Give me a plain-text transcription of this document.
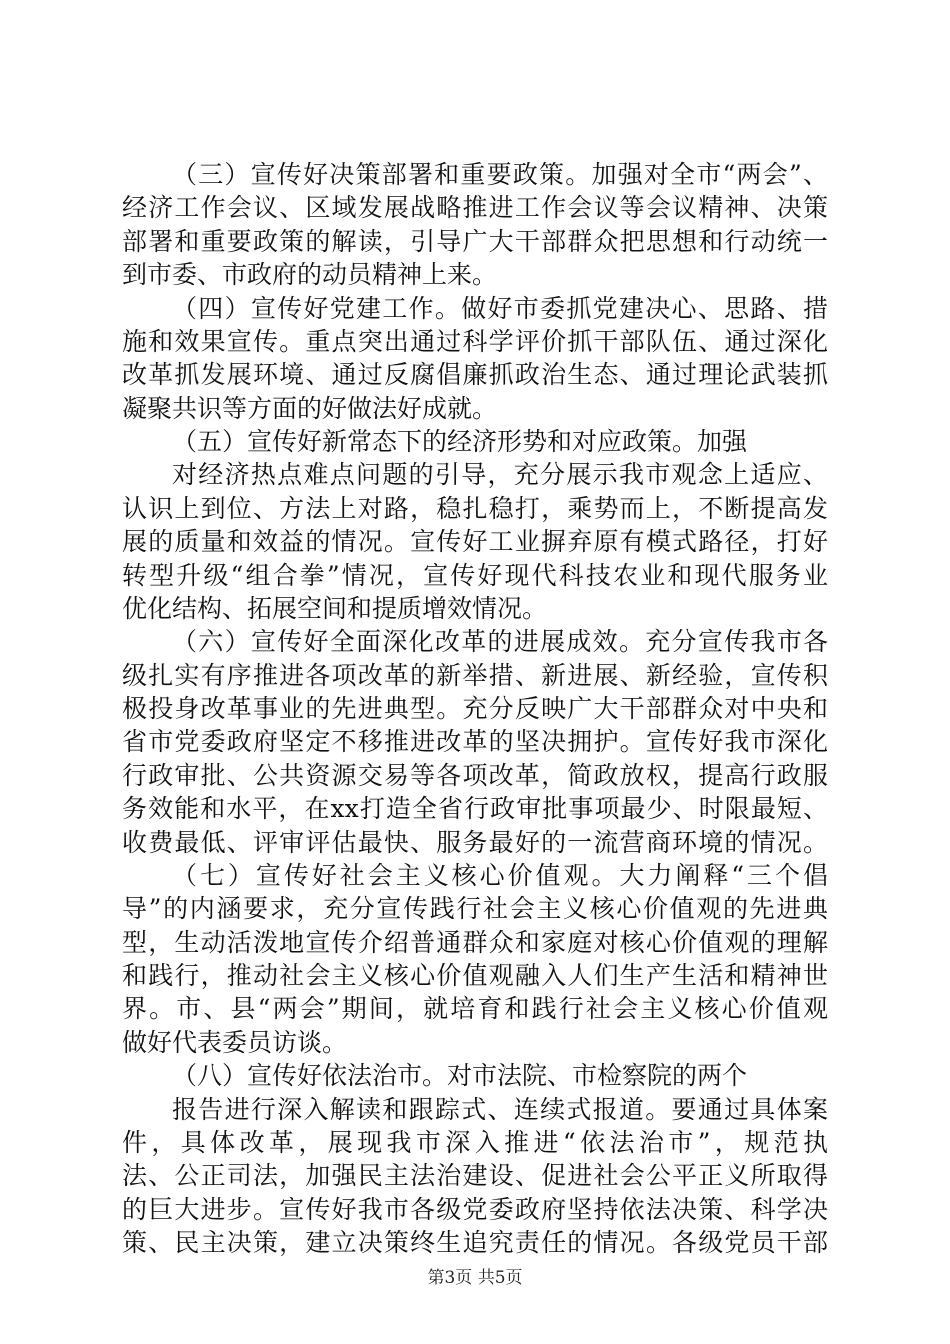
（三）宣传好决策部署和重要政策。加强对全市“两会”、
经济工作会议、区域发展战略推进工作会议等会议精神、决策
部署和重要政策的解读，引导广大干部群众把思想和行动统一
到市委、市政府的动员精神上来。
（四）宣传好党建工作。做好市委抓党建决心、思路、措
施和效果宣传。重点突出通过科学评价抓干部队伍、通过深化
改革抓发展环境、通过反腐倡廉抓政治生态、通过理论武装抓
凝聚共识等方面的好做法好成就。
（五）宣传好新常态下的经济形势和对应政策。加强
对经济热点难点问题的引导，充分展示我市观念上适应、
认识上到位、方法上对路，稳扎稳打，乘势而上，不断提高发
展的质量和效益的情况。宣传好工业摒弃原有模式路径，打好
转型升级“组合拳”情况，宣传好现代科技农业和现代服务业
优化结构、拓展空间和提质增效情况。
（六）宣传好全面深化改革的进展成效。充分宣传我市各
级扎实有序推进各项改革的新举措、新进展、新经验，宣传积
极投身改革事业的先进典型。充分反映广大干部群众对中央和
省市党委政府坚定不移推进改革的坚决拥护。宣传好我市深化
行政审批、公共资源交易等各项改革，简政放权，提高行政服
务效能和水平，在xx打造全省行政审批事项最少、时限最短、
收费最低、评审评估最快、服务最好的一流营商环境的情况。
（七）宣传好社会主义核心价值观。大力阐释“三个倡
导”的内涵要求，充分宣传践行社会主义核心价值观的先进典
型，生动活泼地宣传介绍普通群众和家庭对核心价值观的理解
和践行，推动社会主义核心价值观融入人们生产生活和精神世
界。市、县“两会”期间，就培育和践行社会主义核心价值观
做好代表委员访谈。
（八）宣传好依法治市。对市法院、市检察院的两个
报告进行深入解读和跟踪式、连续式报道。要通过具体案
件，具体改革，展现我市深入推进“依法治市”，规范执
法、公正司法，加强民主法治建设、促进社会公平正义所取得
的巨大进步。宣传好我市各级党委政府坚持依法决策、科学决
策、民主决策，建立决策终生追究责任的情况。各级党员干部
第3页 共5页
